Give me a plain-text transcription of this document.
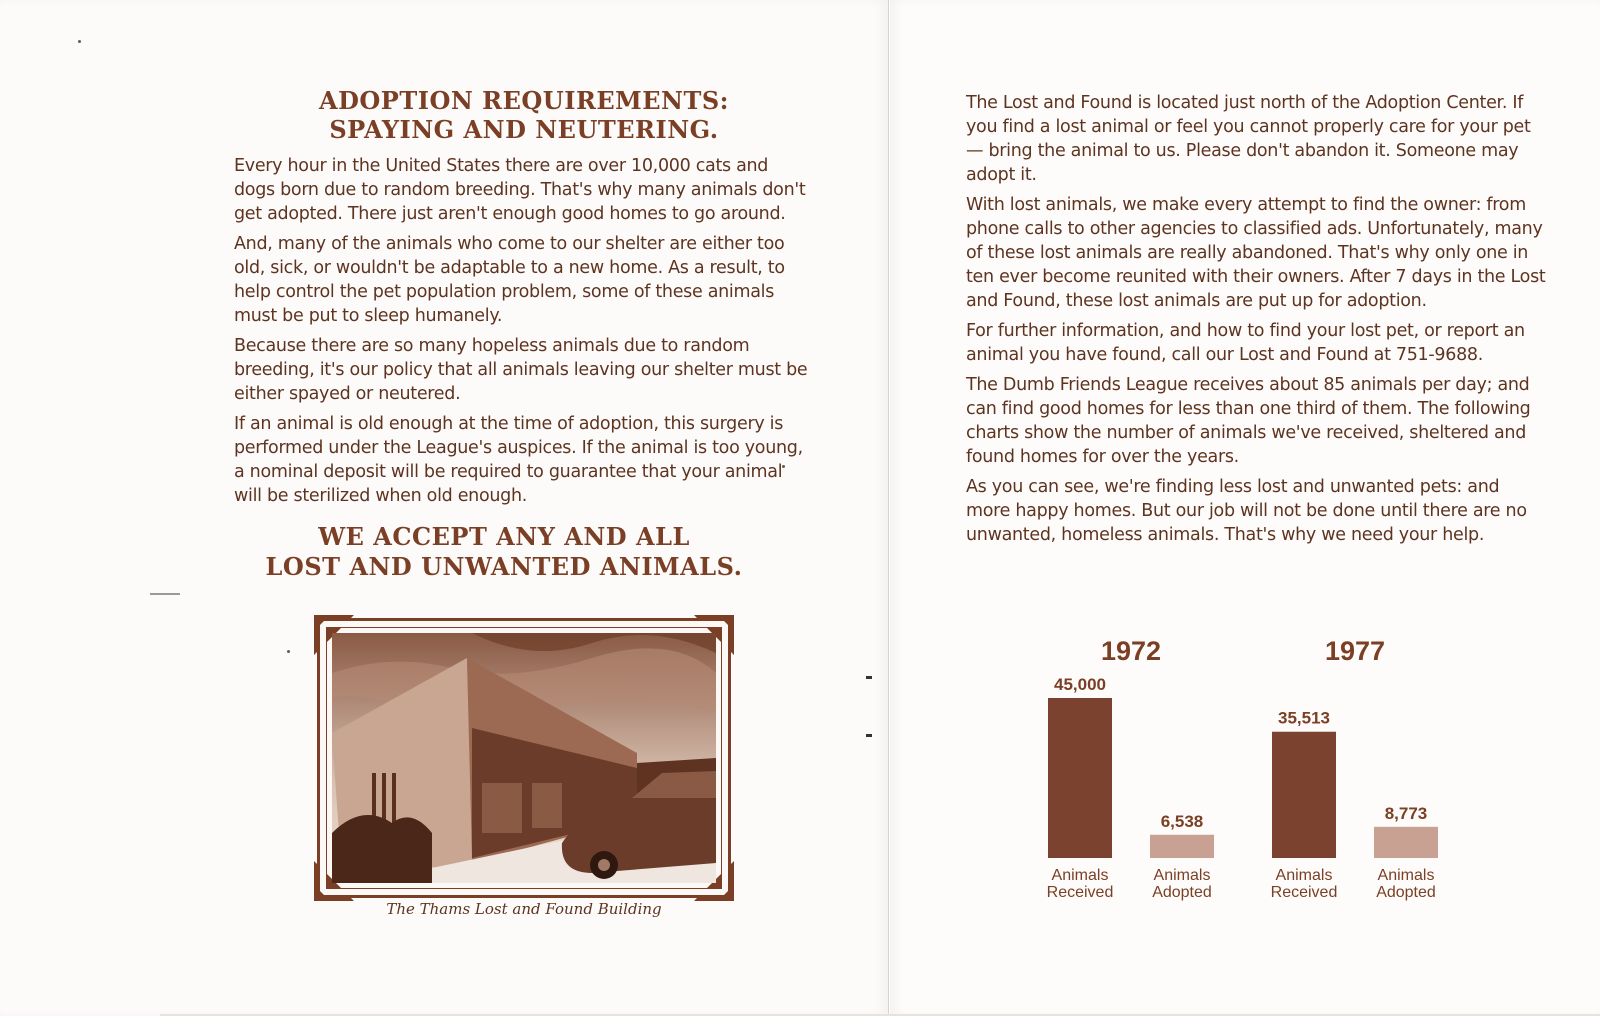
ADOPTION REQUIREMENTS:
SPAYING AND NEUTERING.

Every hour in the United States there are over 10,000 cats and dogs born due to random breeding. That's why many animals don't get adopted. There just aren't enough good homes to go around.

And, many of the animals who come to our shelter are either too old, sick, or wouldn't be adaptable to a new home. As a result, to help control the pet population problem, some of these animals must be put to sleep humanely.

Because there are so many hopeless animals due to random breeding, it's our policy that all animals leaving our shelter must be either spayed or neutered.

If an animal is old enough at the time of adoption, this surgery is performed under the League's auspices. If the animal is too young, a nominal deposit will be required to guarantee that your animal will be sterilized when old enough.

WE ACCEPT ANY AND ALL
LOST AND UNWANTED ANIMALS.
The Thams Lost and Found Building

The Lost and Found is located just north of the Adoption Center. If you find a lost animal or feel you cannot properly care for your pet— bring the animal to us. Please don't abandon it. Someone may adopt it.

With lost animals, we make every attempt to find the owner: from phone calls to other agencies to classified ads. Unfortunately, many of these lost animals are really abandoned. That's why only one in ten ever become reunited with their owners. After 7 days in the Lost and Found, these lost animals are put up for adoption.

For further information, and how to find your lost pet, or report an animal you have found, call our Lost and Found at 751-9688.

The Dumb Friends League receives about 85 animals per day; and can find good homes for less than one third of them. The following charts show the number of animals we've received, sheltered and found homes for over the years.

As you can see, we're finding less lost and unwanted pets: and more happy homes. But our job will not be done until there are no unwanted, homeless animals. That's why we need your help.

1972
45,000
Animals
Received
6,538
Animals
Adopted
1977
35,513
Animals
Received
8,773
Animals
Adopted
